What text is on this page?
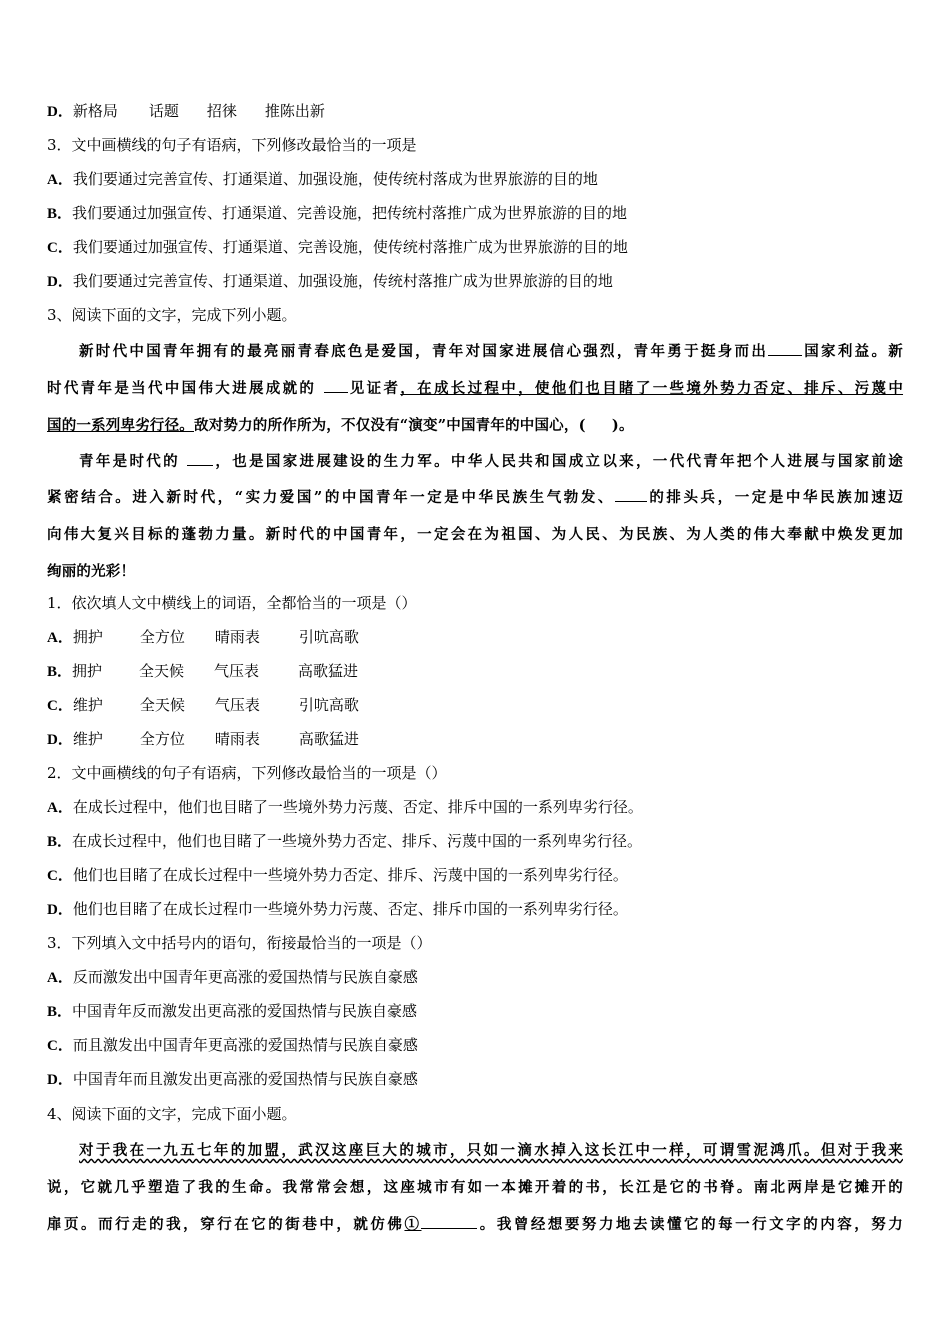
D．新格局 话题 招徕 推陈出新
3．文中画横线的句子有语病，下列修改最恰当的一项是
A．我们要通过完善宣传、打通渠道、加强设施，使传统村落成为世界旅游的目的地
B．我们要通过加强宣传、打通渠道、完善设施，把传统村落推广成为世界旅游的目的地
C．我们要通过加强宣传、打通渠道、完善设施，使传统村落推广成为世界旅游的目的地
D．我们要通过完善宣传、打通渠道、加强设施，传统村落推广成为世界旅游的目的地
3、阅读下面的文字，完成下列小题。
新时代中国青年拥有的最亮丽青春底色是爱国，青年对国家进展信心强烈，青年勇于挺身而出 国家利益。新
时代青年是当代中国伟大进展成就的 见证者，在成长过程中，使他们也目睹了一些境外势力否定、排斥、污蔑中
国的一系列卑劣行径。敌对势力的所作所为，不仅没有“演变”中国青年的中国心，( )。
青年是时代的 ，也是国家进展建设的生力军。中华人民共和国成立以来，一代代青年把个人进展与国家前途
紧密结合。进入新时代，“实力爱国”的中国青年一定是中华民族生气勃发、 的排头兵，一定是中华民族加速迈
向伟大复兴目标的蓬勃力量。新时代的中国青年，一定会在为祖国、为人民、为民族、为人类的伟大奉献中焕发更加
绚丽的光彩！
1．依次填人文中横线上的词语，全都恰当的一项是（）
A．拥护 全方位 晴雨表	引吭高歌
B．拥护 全天候 气压表	高歌猛进
C．维护 全天候 气压表	引吭高歌
D．维护 全方位 晴雨表	高歌猛进
2．文中画横线的句子有语病，下列修改最恰当的一项是（）
A．在成长过程中，他们也目睹了一些境外势力污蔑、否定、排斥中国的一系列卑劣行径。
B．在成长过程中，他们也目睹了一些境外势力否定、排斥、污蔑中国的一系列卑劣行径。
C．他们也目睹了在成长过程中一些境外势力否定、排斥、污蔑中国的一系列卑劣行径。
D．他们也目睹了在成长过程巾一些境外势力污蔑、否定、排斥巾国的一系列卑劣行径。
3．下列填入文中括号内的语句，衔接最恰当的一项是（）
A．反而激发出中国青年更高涨的爱国热情与民族自豪感
B．中国青年反而激发出更高涨的爱国热情与民族自豪感
C．而且激发出中国青年更高涨的爱国热情与民族自豪感
D．中国青年而且激发出更高涨的爱国热情与民族自豪感
4、阅读下面的文字，完成下面小题。
对于我在一九五七年的加盟，武汉这座巨大的城市，只如一滴水掉入这长江中一样，可谓雪泥鸿爪。但对于我来
说，它就几乎塑造了我的生命。我常常会想，这座城市有如一本摊开着的书，长江是它的书脊。南北两岸是它摊开的
扉页。而行走的我，穿行在它的街巷中，就仿佛①	。我曾经想要努力地去读懂它的每一行文字的内容，努力
